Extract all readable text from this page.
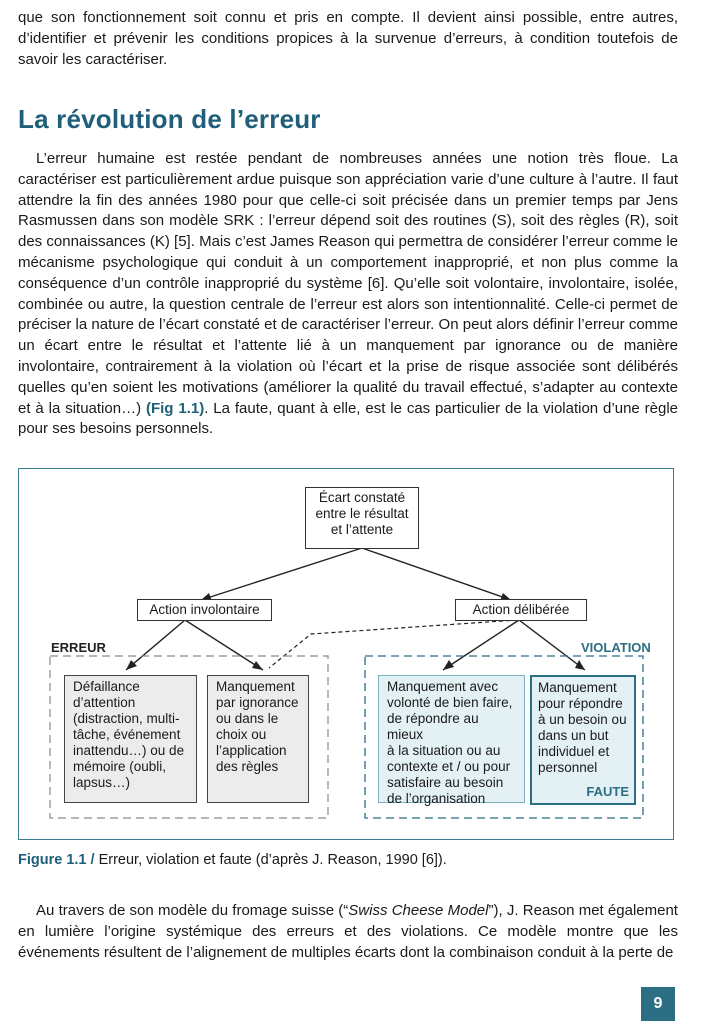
que son fonctionnement soit connu et pris en compte. Il devient ainsi possible, entre autres, d’identifier et prévenir les conditions propices à la survenue d’erreurs, à condition toutefois de savoir les caractériser.

La révolution de l’erreur

L’erreur humaine est restée pendant de nombreuses années une notion très floue. La caractériser est particulièrement ardue puisque son appréciation varie d’une culture à l’autre. Il faut attendre la fin des années 1980 pour que celle-ci soit précisée dans un premier temps par Jens Rasmussen dans son modèle SRK : l’erreur dépend soit des routines (S), soit des règles (R), soit des connaissances (K) [5]. Mais c’est James Reason qui permettra de considérer l’erreur comme le mécanisme psychologique qui conduit à un comportement inapproprié, et non plus comme la conséquence d’un contrôle inapproprié du système [6]. Qu’elle soit volontaire, involontaire, isolée, combinée ou autre, la question centrale de l’erreur est alors son intentionnalité. Celle-ci permet de préciser la nature de l’écart constaté et de caractériser l’erreur. On peut alors définir l’erreur comme un écart entre le résultat et l’attente lié à un manquement par ignorance ou de manière involontaire, contrairement à la violation où l’écart et la prise de risque associée sont délibérés quelles qu’en soient les motivations (améliorer la qualité du travail effectué, s’adapter au contexte et à la situation…) (Fig 1.1). La faute, quant à elle, est le cas particulier de la violation d’une règle pour ses besoins personnels.

Écart constaté
entre le résultat
et l’attente
Action involontaire	Action délibérée
ERREUR	VIOLATION
Défaillance
d’attention
(distraction, multi-
tâche, événement
inattendu…) ou de
mémoire (oubli,
lapsus…)
Manquement
par ignorance
ou dans le
choix ou
l’application
des règles
Manquement avec
volonté de bien faire,
de répondre au mieux
à la situation ou au
contexte et / ou pour
satisfaire au besoin
de l’organisation
Manquement
pour répondre
à un besoin ou
dans un but
individuel et
personnel
FAUTE

Figure 1.1 / Erreur, violation et faute (d’après J. Reason, 1990 [6]).

Au travers de son modèle du fromage suisse (“Swiss Cheese Model”), J. Reason met également en lumière l’origine systémique des erreurs et des violations. Ce modèle montre que les événements résultent de l’alignement de multiples écarts dont la combinaison conduit à la perte de

9
